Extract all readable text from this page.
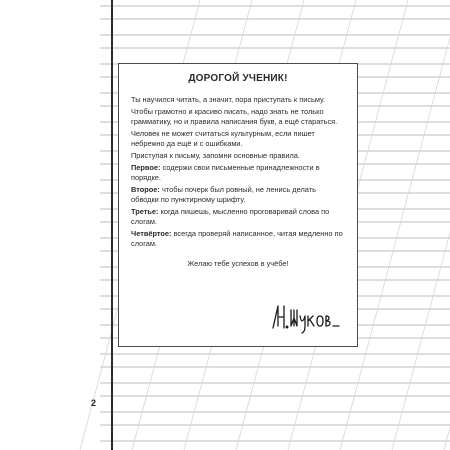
ДОРОГОЙ УЧЕНИК!

Ты научился читать, а значит, пора приступать к письму.

Чтобы грамотно и красиво писать, надо знать не только грамматику, но и правила написания букв, а ещё стараться.

Человек не может считаться культурным, если пишет небрежно да ещё и с ошибками.

Приступая к письму, запомни основные правила.

Первое: содержи свои письменные принадлежности в порядке.

Второе: чтобы почерк был ровный, не ленись делать обводки по пунктирному шрифту.

Третье: когда пишешь, мысленно проговаривай слова по слогам.

Четвёртое: всегда проверяй написанное, читая медленно по слогам.

Желаю тебе успехов в учёбе!

2
